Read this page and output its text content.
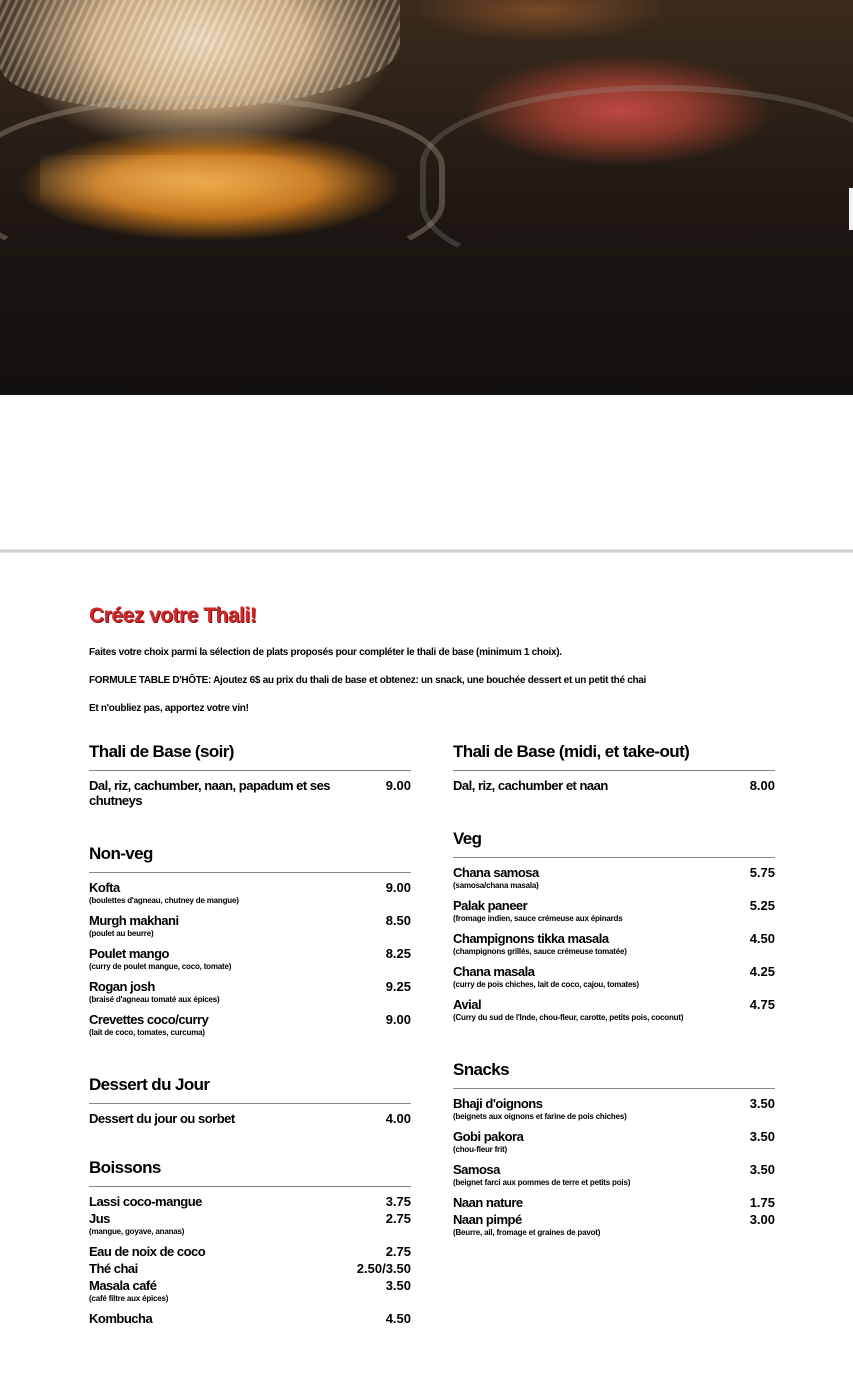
Créez votre Thali!

Faites votre choix parmi la sélection de plats proposés pour compléter le thali de base (minimum 1 choix).

FORMULE TABLE D'HÔTE: Ajoutez 6$ au prix du thali de base et obtenez: un snack, une bouchée dessert et un petit thé chai

Et n'oubliez pas, apportez votre vin!

Thali de Base (soir)
Dal, riz, cachumber, naan, papadum et ses chutneys
9.00
Non-veg
Kofta	9.00
(boulettes d'agneau, chutney de mangue)
Murgh makhani	8.50
(poulet au beurre)
Poulet mango	8.25
(curry de poulet mangue, coco, tomate)
Rogan josh	9.25
(braisé d'agneau tomaté aux épices)
Crevettes coco/curry	9.00
(lait de coco, tomates, curcuma)
Dessert du Jour
Dessert du jour ou sorbet	4.00
Boissons
Lassi coco-mangue	3.75
Jus	2.75
(mangue, goyave, ananas)
Eau de noix de coco	2.75
Thé chai	2.50/3.50
Masala café	3.50
(café filtre aux épices)
Kombucha	4.50
Thali de Base (midi, et take-out)
Dal, riz, cachumber et naan	8.00
Veg
Chana samosa	5.75
(samosa/chana masala)
Palak paneer	5.25
(fromage indien, sauce crémeuse aux épinards
Champignons tikka masala	4.50
(champignons grillés, sauce crémeuse tomatée)
Chana masala	4.25
(curry de pois chiches, lait de coco, cajou, tomates)
Avial	4.75
(Curry du sud de l'Inde, chou-fleur, carotte, petits pois, coconut)
Snacks
Bhaji d'oignons	3.50
(beignets aux oignons et farine de pois chiches)
Gobi pakora	3.50
(chou-fleur frit)
Samosa	3.50
(beignet farci aux pommes de terre et petits pois)
Naan nature	1.75
Naan pimpé	3.00
(Beurre, ail, fromage et graines de pavot)
